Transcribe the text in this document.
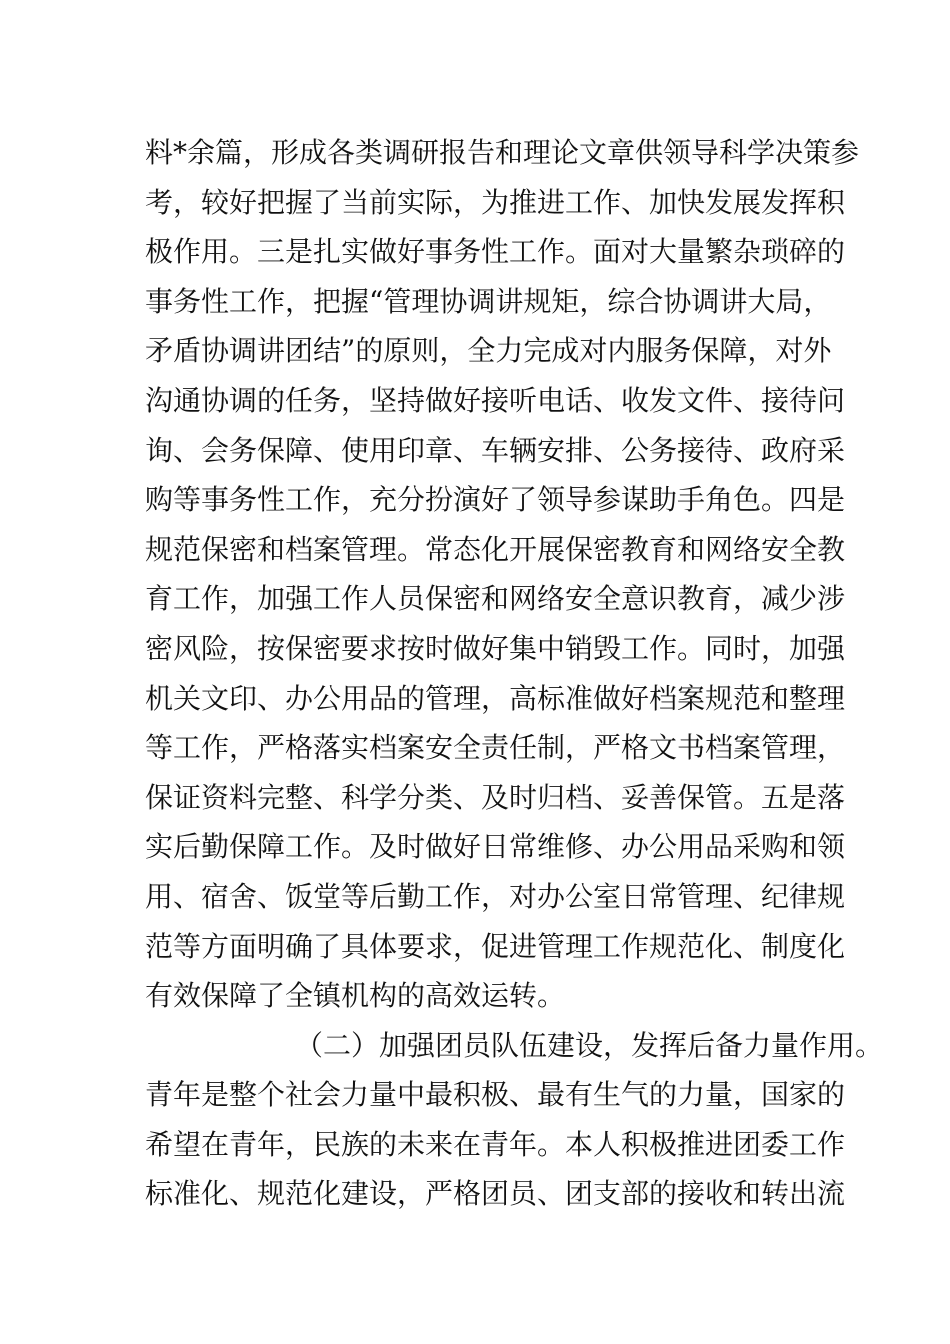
料*余篇，形成各类调研报告和理论文章供领导科学决策参
考，较好把握了当前实际，为推进工作、加快发展发挥积
极作用。三是扎实做好事务性工作。面对大量繁杂琐碎的
事务性工作，把握“管理协调讲规矩，综合协调讲大局，
矛盾协调讲团结”的原则，全力完成对内服务保障，对外
沟通协调的任务，坚持做好接听电话、收发文件、接待问
询、会务保障、使用印章、车辆安排、公务接待、政府采
购等事务性工作，充分扮演好了领导参谋助手角色。四是
规范保密和档案管理。常态化开展保密教育和网络安全教
育工作，加强工作人员保密和网络安全意识教育，减少涉
密风险，按保密要求按时做好集中销毁工作。同时，加强
机关文印、办公用品的管理，高标准做好档案规范和整理
等工作，严格落实档案安全责任制，严格文书档案管理，
保证资料完整、科学分类、及时归档、妥善保管。五是落
实后勤保障工作。及时做好日常维修、办公用品采购和领
用、宿舍、饭堂等后勤工作，对办公室日常管理、纪律规
范等方面明确了具体要求，促进管理工作规范化、制度化
有效保障了全镇机构的高效运转。
（二）加强团员队伍建设，发挥后备力量作用。
青年是整个社会力量中最积极、最有生气的力量，国家的
希望在青年，民族的未来在青年。本人积极推进团委工作
标准化、规范化建设，严格团员、团支部的接收和转出流
